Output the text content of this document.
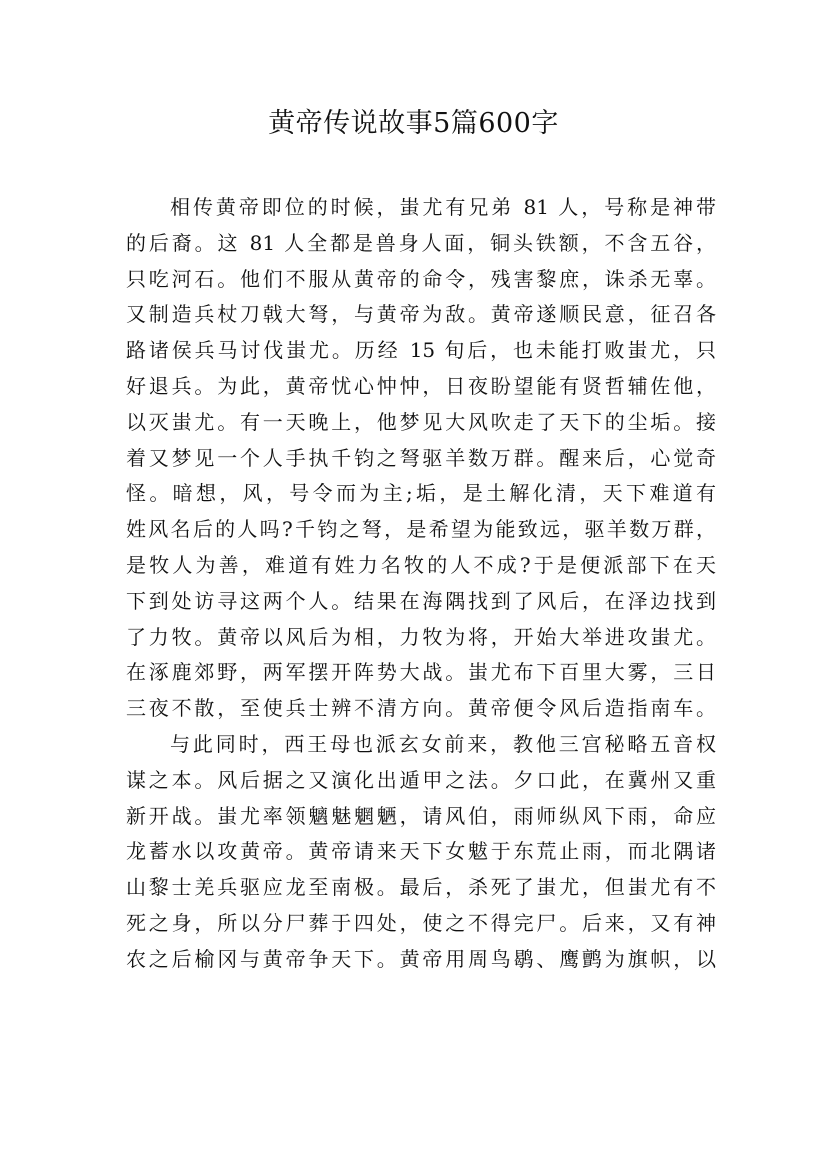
黄帝传说故事5篇600字
相传黄帝即位的时候，蚩尤有兄弟 81 人，号称是神带
的后裔。这 81 人全都是兽身人面，铜头铁额，不含五谷，
只吃河石。他们不服从黄帝的命令，残害黎庶，诛杀无辜。
又制造兵杖刀戟大弩，与黄帝为敌。黄帝遂顺民意，征召各
路诸侯兵马讨伐蚩尤。历经 15 旬后，也未能打败蚩尤，只
好退兵。为此，黄帝忧心忡忡，日夜盼望能有贤哲辅佐他，
以灭蚩尤。有一天晚上，他梦见大风吹走了天下的尘垢。接
着又梦见一个人手执千钧之弩驱羊数万群。醒来后，心觉奇
怪。暗想，风，号令而为主;垢，是土解化清，天下难道有
姓风名后的人吗?千钧之弩，是希望为能致远，驱羊数万群，
是牧人为善，难道有姓力名牧的人不成?于是便派部下在天
下到处访寻这两个人。结果在海隅找到了风后，在泽边找到
了力牧。黄帝以风后为相，力牧为将，开始大举进攻蚩尤。
在涿鹿郊野，两军摆开阵势大战。蚩尤布下百里大雾，三日
三夜不散，至使兵士辨不清方向。黄帝便令风后造指南车。
与此同时，西王母也派玄女前来，教他三宫秘略五音权
谋之本。风后据之又演化出遁甲之法。夕口此，在冀州又重
新开战。蚩尤率领魑魅魍魉，请风伯，雨师纵风下雨，命应
龙蓄水以攻黄帝。黄帝请来天下女魃于东荒止雨，而北隅诸
山黎士羌兵驱应龙至南极。最后，杀死了蚩尤，但蚩尤有不
死之身，所以分尸葬于四处，使之不得完尸。后来，又有神
农之后榆冈与黄帝争天下。黄帝用周鸟鹖、鹰鹯为旗帜，以
